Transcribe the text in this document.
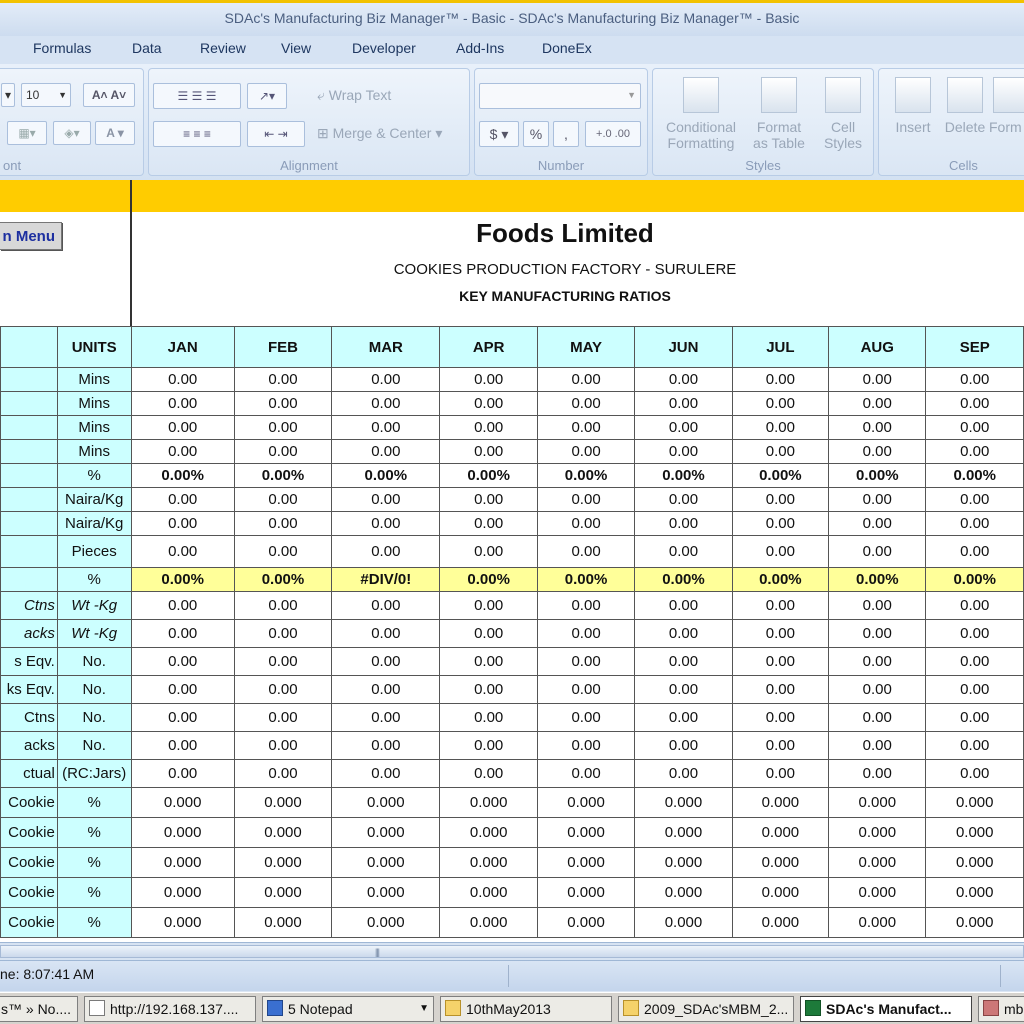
SDAc's Manufacturing Biz Manager™ - Basic - SDAc's Manufacturing Biz Manager™ - Basic
Formulas	Data	Review	View	Developer	Add-Ins	DoneEx
▾	10 ▼	A˄ A˅
▦▾	◈▾	A ▾
ont
☰ ☰ ☰	↗▾
≡ ≡ ≡	⇤ ⇥
⤶ Wrap Text
⊞ Merge & Center ▾
Alignment
▼
$ ▾	%	,	+.0 .00
Number
Conditional
Formatting
Format
as Table
Cell
Styles
Styles
Insert	Delete Form
Cells
n Menu	Foods Limited
COOKIES PRODUCTION FACTORY - SURULERE
KEY MANUFACTURING RATIOS
	UNITS	JAN	FEB	MAR	APR	MAY	JUN	JUL	AUG	SEP
	Mins	0.00	0.00	0.00	0.00	0.00	0.00	0.00	0.00	0.00
	Mins	0.00	0.00	0.00	0.00	0.00	0.00	0.00	0.00	0.00
	Mins	0.00	0.00	0.00	0.00	0.00	0.00	0.00	0.00	0.00
	Mins	0.00	0.00	0.00	0.00	0.00	0.00	0.00	0.00	0.00
	%	0.00%	0.00%	0.00%	0.00%	0.00%	0.00%	0.00%	0.00%	0.00%
	Naira/Kg	0.00	0.00	0.00	0.00	0.00	0.00	0.00	0.00	0.00
	Naira/Kg	0.00	0.00	0.00	0.00	0.00	0.00	0.00	0.00	0.00
	Pieces	0.00	0.00	0.00	0.00	0.00	0.00	0.00	0.00	0.00
	%	0.00%	0.00%	#DIV/0!	0.00%	0.00%	0.00%	0.00%	0.00%	0.00%
Ctns	Wt -Kg	0.00	0.00	0.00	0.00	0.00	0.00	0.00	0.00	0.00
acks	Wt -Kg	0.00	0.00	0.00	0.00	0.00	0.00	0.00	0.00	0.00
s Eqv.	No.	0.00	0.00	0.00	0.00	0.00	0.00	0.00	0.00	0.00
ks Eqv.	No.	0.00	0.00	0.00	0.00	0.00	0.00	0.00	0.00	0.00
Ctns	No.	0.00	0.00	0.00	0.00	0.00	0.00	0.00	0.00	0.00
acks	No.	0.00	0.00	0.00	0.00	0.00	0.00	0.00	0.00	0.00
ctual	(RC:Jars)	0.00	0.00	0.00	0.00	0.00	0.00	0.00	0.00	0.00
Cookie	%	0.000	0.000	0.000	0.000	0.000	0.000	0.000	0.000	0.000
Cookie	%	0.000	0.000	0.000	0.000	0.000	0.000	0.000	0.000	0.000
Cookie	%	0.000	0.000	0.000	0.000	0.000	0.000	0.000	0.000	0.000
Cookie	%	0.000	0.000	0.000	0.000	0.000	0.000	0.000	0.000	0.000
Cookie	%	0.000	0.000	0.000	0.000	0.000	0.000	0.000	0.000	0.000
|||
ne: 8:07:41 AM
s™ » No....	http://192.168.137....	5 Notepad	▼	10thMay2013	2009_SDAc'sMBM_2...	SDAc's Manufact...	mb
